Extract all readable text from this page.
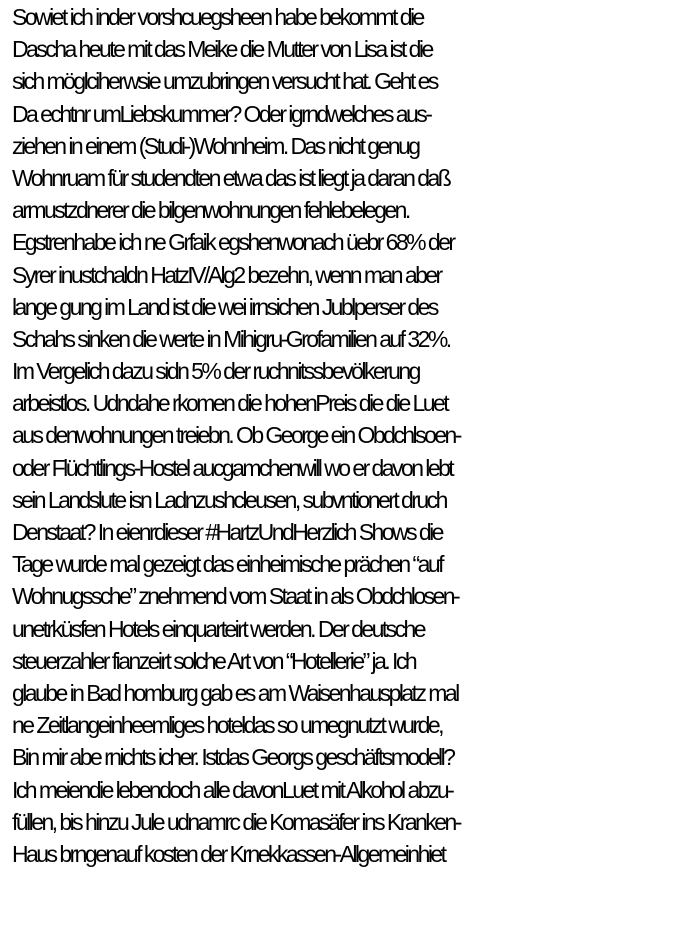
Sowiet ich inder vorshcuegsheen habe bekommt die
Dascha heute mit das Meike die Mutter von Lisa ist die
sich möglciherwsie umzubringen versucht hat. Geht es
Da echtnr umLiebskummer? Oder igrndwelches aus-
ziehen in einem (Studi-)Wohnheim. Das nicht genug
Wohnruam für studendten etwa das ist liegt ja daran daß
armustzdnerer die bilgenwohnungen fehlebelegen.
Egstrenhabe ich ne Grfaik egshenwonach üebr 68% der
Syrer inustchaldn HatzIV/Alg2 bezehn, wenn man aber
lange gung im Land ist die wei irnsichen Jublperser des
Schahs sinken die werte in Mihigru-Grofamilien auf 32%.
Im Vergelich dazu sidn 5% der ruchnitssbevölkerung
arbeistlos. Udndahe rkomen die hohenPreis die die Luet
aus denwohnungen treiebn. Ob George ein Obdchlsoen-
oder Flüchtlings-Hostel aucgamchenwill wo er davon lebt
sein Landslute isn Ladnzushcleusen, subvntionert druch
Denstaat? In eienrdieser #HartzUndHerzlich Shows die
Tage wurde mal gezeigt das einheimische prächen “auf
Wohnugssche” znehmend vom Staat in als Obdchlosen-
unetrküsfen Hotels einquarteirt werden. Der deutsche
steuerzahler fianzeirt solche Art von “Hotellerie” ja. Ich
glaube in Bad homburg gab es am Waisenhausplatz mal
ne Zeitlangeinheemliges hoteldas so umegnutzt wurde,
Bin mir abe rnichts icher. Istdas Georgs geschäftsmodell?
Ich meiendie lebendoch alle davonLuet mit Alkohol abzu-
füllen, bis hinzu Jule udnamrc die Komasäfer ins Kranken-
Haus brngenauf kosten der Krnekkassen-Allgemeinhiet
